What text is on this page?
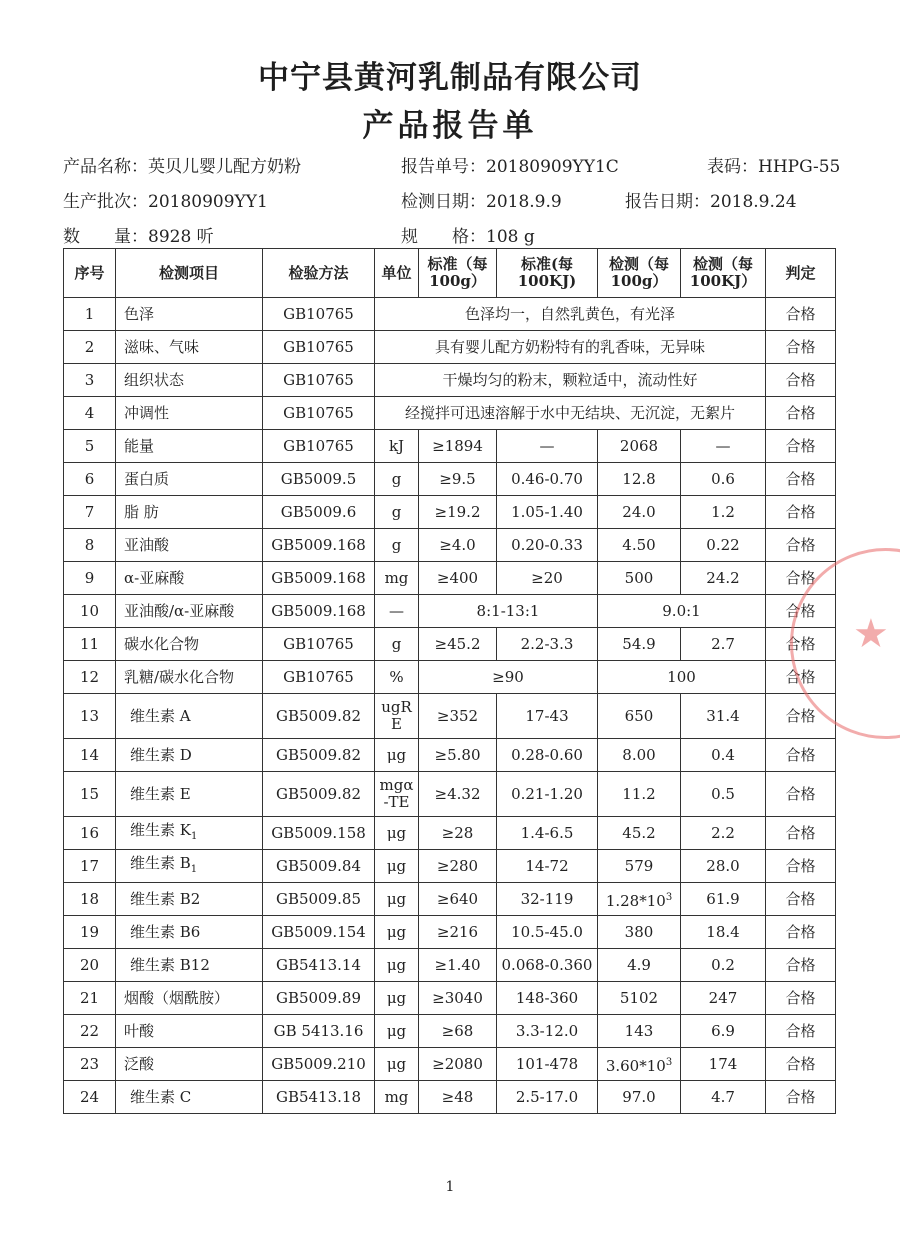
中宁县黄河乳制品有限公司
产品报告单
产品名称：英贝儿婴儿配方奶粉	报告单号：20180909YY1C	表码：HHPG-55
生产批次：20180909YY1	检测日期：2018.9.9	报告日期：2018.9.24
数　　量：8928 听	规　　格：108 g
序号	检测项目	检验方法	单位	标准（每100g）	标准(每100KJ)	检测（每100g）	检测（每100KJ）	判定
1	色泽	GB10765	色泽均一，自然乳黄色，有光泽					合格
2	滋味、气味	GB10765	具有婴儿配方奶粉特有的乳香味，无异味					合格
3	组织状态	GB10765	干燥均匀的粉末，颗粒适中，流动性好					合格
4	冲调性	GB10765	经搅拌可迅速溶解于水中无结块、无沉淀，无絮片					合格
5	能量	GB10765	kJ	≥1894	—	2068	—	合格
6	蛋白质	GB5009.5	g	≥9.5	0.46-0.70	12.8	0.6	合格
7	脂 肪	GB5009.6	g	≥19.2	1.05-1.40	24.0	1.2	合格
8	亚油酸	GB5009.168	g	≥4.0	0.20-0.33	4.50	0.22	合格
9	α-亚麻酸	GB5009.168	mg	≥400	≥20	500	24.2	合格
10	亚油酸/α-亚麻酸	GB5009.168	—	8:1-13:1		9.0:1		合格
11	碳水化合物	GB10765	g	≥45.2	2.2-3.3	54.9	2.7	合格
12	乳糖/碳水化合物	GB10765	%	≥90		100		合格
13	维生素 A	GB5009.82	ugRE	≥352	17-43	650	31.4	合格
14	维生素 D	GB5009.82	μg	≥5.80	0.28-0.60	8.00	0.4	合格
15	维生素 E	GB5009.82	mgα-TE	≥4.32	0.21-1.20	11.2	0.5	合格
16	维生素 $K_1$	GB5009.158	μg	≥28	1.4-6.5	45.2	2.2	合格
17	维生素 $B_1$	GB5009.84	μg	≥280	14-72	579	28.0	合格
18	维生素 B2	GB5009.85	μg	≥640	32-119	$1.28*10^3$	61.9	合格
19	维生素 B6	GB5009.154	μg	≥216	10.5-45.0	380	18.4	合格
20	维生素 B12	GB5413.14	μg	≥1.40	0.068-0.360	4.9	0.2	合格
21	烟酸（烟酰胺）	GB5009.89	μg	≥3040	148-360	5102	247	合格
22	叶酸	GB 5413.16	μg	≥68	3.3-12.0	143	6.9	合格
23	泛酸	GB5009.210	μg	≥2080	101-478	$3.60*10^3$	174	合格
24	维生素 C	GB5413.18	mg	≥48	2.5-17.0	97.0	4.7	合格
★
1
